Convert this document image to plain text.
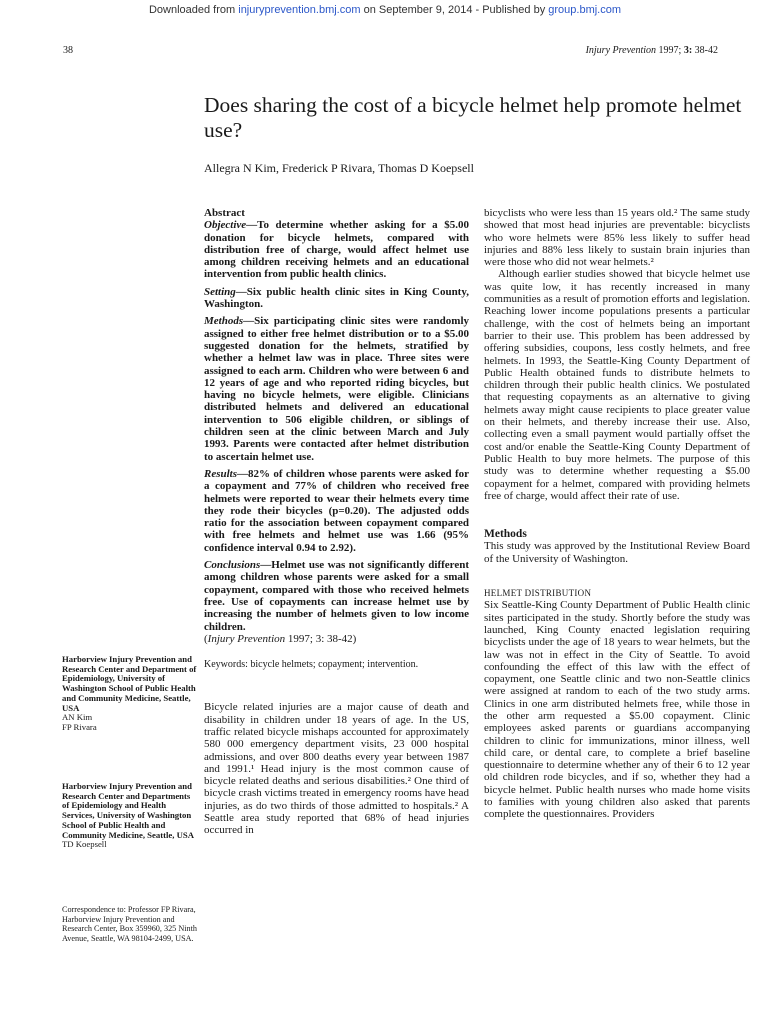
Downloaded from injuryprevention.bmj.com on September 9, 2014 - Published by group.bmj.com
38	Injury Prevention 1997; 3: 38-42
Does sharing the cost of a bicycle helmet help promote helmet use?
Allegra N Kim, Frederick P Rivara, Thomas D Koepsell
Harborview Injury Prevention and Research Center and Department of Epidemiology, University of Washington School of Public Health and Community Medicine, Seattle, USA
AN Kim
FP Rivara
Harborview Injury Prevention and Research Center and Departments of Epidemiology and Health Services, University of Washington School of Public Health and Community Medicine, Seattle, USA
TD Koepsell
Correspondence to: Professor FP Rivara, Harborview Injury Prevention and Research Center, Box 359960, 325 Ninth Avenue, Seattle, WA 98104-2499, USA.
Abstract

Objective—To determine whether asking for a $5.00 donation for bicycle helmets, compared with distribution free of charge, would affect helmet use among children receiving helmets and an educational intervention from public health clinics.

Setting—Six public health clinic sites in King County, Washington.

Methods—Six participating clinic sites were randomly assigned to either free helmet distribution or to a $5.00 suggested donation for the helmets, stratified by whether a helmet law was in place. Three sites were assigned to each arm. Children who were between 6 and 12 years of age and who reported riding bicycles, but having no bicycle helmets, were eligible. Clinicians distributed helmets and delivered an educational intervention to 506 eligible children, or siblings of children seen at the clinic between March and July 1993. Parents were contacted after helmet distribution to ascertain helmet use.

Results—82% of children whose parents were asked for a copayment and 77% of children who received free helmets were reported to wear their helmets every time they rode their bicycles (p=0.20). The adjusted odds ratio for the association between copayment compared with free helmets and helmet use was 1.66 (95% confidence interval 0.94 to 2.92).

Conclusions—Helmet use was not significantly different among children whose parents were asked for a small copayment, compared with those who received helmets free. Use of copayments can increase helmet use by increasing the number of helmets given to low income children.

(Injury Prevention 1997; 3: 38-42)

Keywords: bicycle helmets; copayment; intervention.

Bicycle related injuries are a major cause of death and disability in children under 18 years of age. In the US, traffic related bicycle mishaps accounted for approximately 580 000 emergency department visits, 23 000 hospital admissions, and over 800 deaths every year between 1987 and 1991.¹ Head injury is the most common cause of bicycle related deaths and serious disabilities.² One third of bicycle crash victims treated in emergency rooms have head injuries, as do two thirds of those admitted to hospitals.² A Seattle area study reported that 68% of head injuries occurred in

bicyclists who were less than 15 years old.² The same study showed that most head injuries are preventable: bicyclists who wore helmets were 85% less likely to suffer head injuries and 88% less likely to sustain brain injuries than were those who did not wear helmets.²

Although earlier studies showed that bicycle helmet use was quite low, it has recently increased in many communities as a result of promotion efforts and legislation. Reaching lower income populations presents a particular challenge, with the cost of helmets being an important barrier to their use. This problem has been addressed by offering subsidies, coupons, less costly helmets, and free helmets. In 1993, the Seattle-King County Department of Public Health obtained funds to distribute helmets to children through their public health clinics. We postulated that requesting copayments as an alternative to giving helmets away might cause recipients to place greater value on their helmets, and thereby increase their use. Also, collecting even a small payment would partially offset the cost and/or enable the Seattle-King County Department of Public Health to buy more helmets. The purpose of this study was to determine whether requesting a $5.00 copayment for a helmet, compared with providing helmets free of charge, would affect their rate of use.

Methods

This study was approved by the Institutional Review Board of the University of Washington.

HELMET DISTRIBUTION

Six Seattle-King County Department of Public Health clinic sites participated in the study. Shortly before the study was launched, King County enacted legislation requiring bicyclists under the age of 18 years to wear helmets, but the law was not in effect in the City of Seattle. To avoid confounding the effect of this law with the effect of copayment, one Seattle clinic and two non-Seattle clinics were assigned at random to each of the two study arms. Clinics in one arm distributed helmets free, while those in the other arm requested a $5.00 copayment. Clinic employees asked parents or guardians accompanying children to clinic for immunizations, minor illness, well child care, or dental care, to complete a brief baseline questionnaire to determine whether any of their 6 to 12 year old children rode bicycles, and if so, whether they had a bicycle helmet. Public health nurses who made home visits to families with young children also asked that parents complete the questionnaires. Providers
